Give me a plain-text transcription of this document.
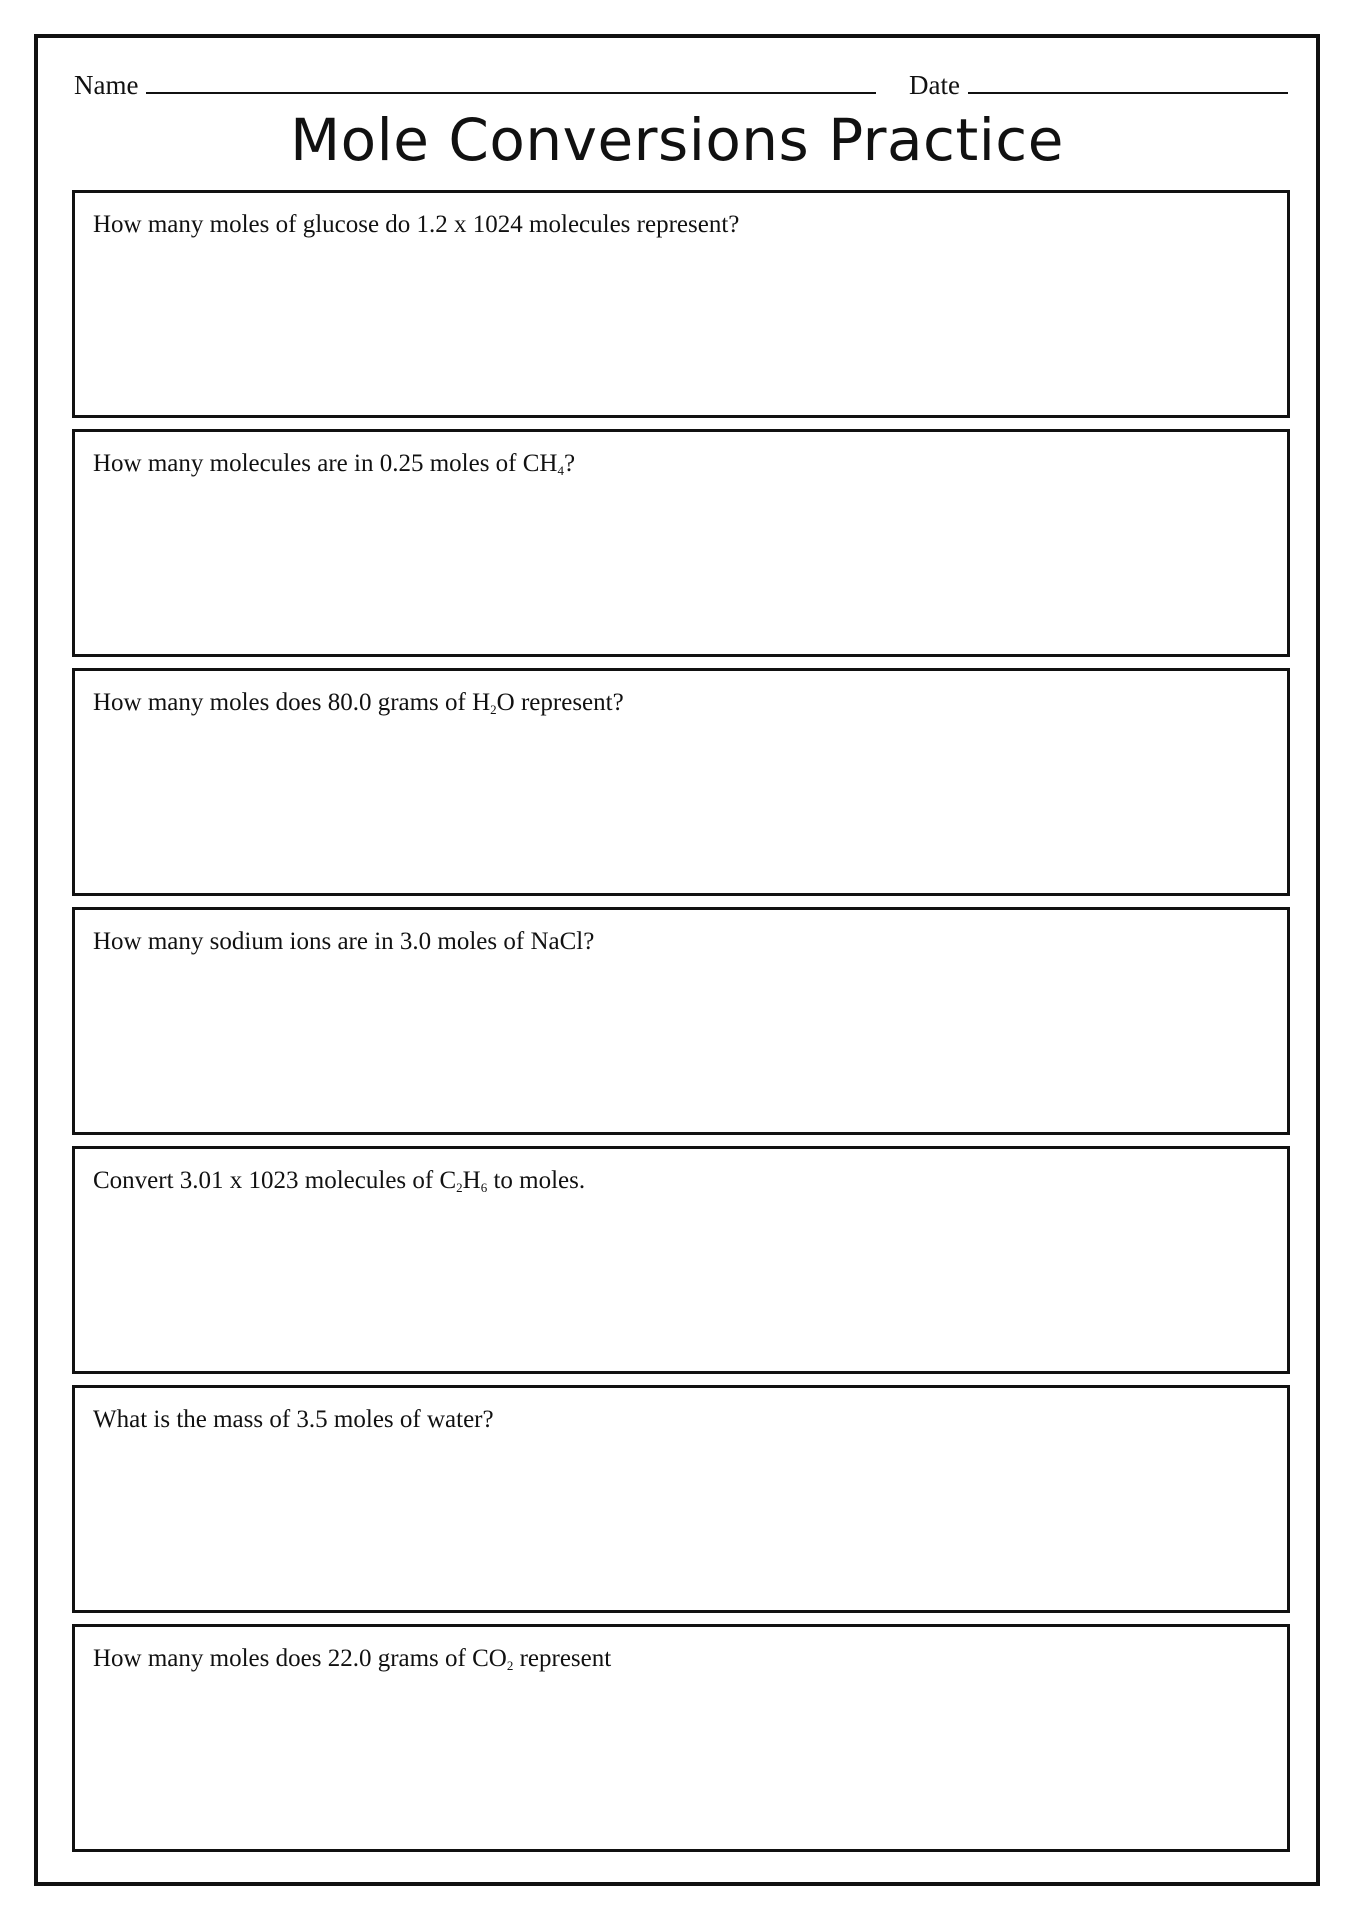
Name	Date
Mole Conversions Practice
How many moles of glucose do 1.2 x 1024 molecules represent?
How many molecules are in 0.25 moles of $CH_4$?
How many moles does 80.0 grams of $H_2O$ represent?
How many sodium ions are in 3.0 moles of NaCl?
Convert 3.01 x 1023 molecules of $C_2H_6$ to moles.
What is the mass of 3.5 moles of water?
How many moles does 22.0 grams of $CO_2$ represent
